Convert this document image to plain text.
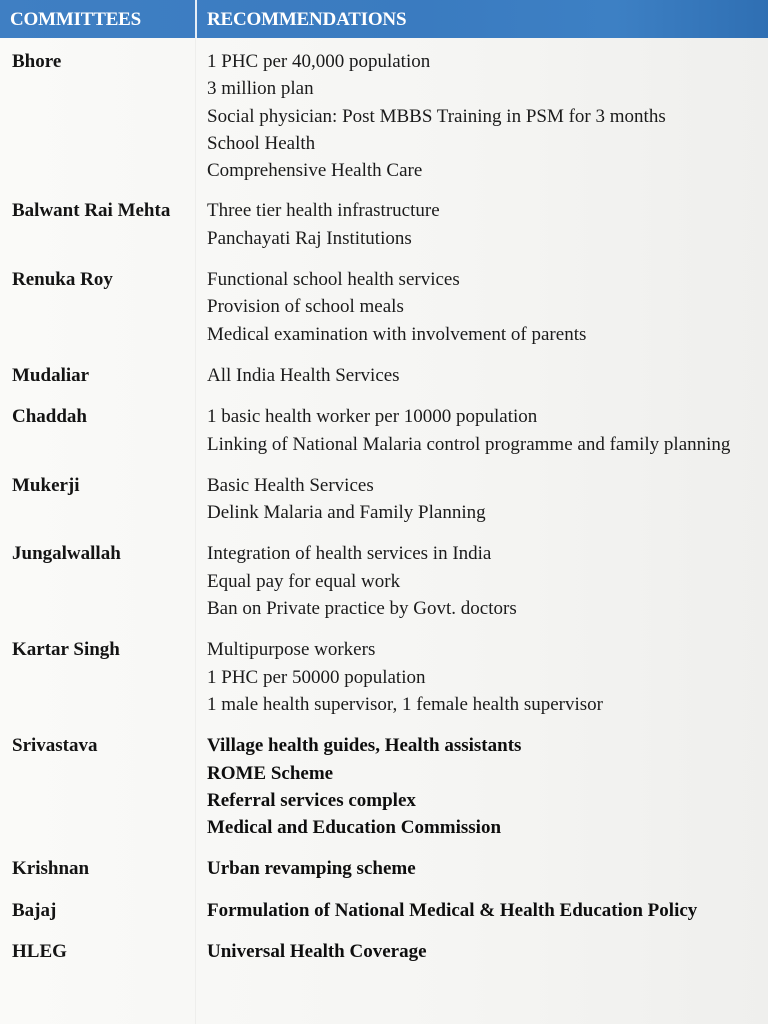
COMMITTEES	RECOMMENDATIONS
Bhore	1 PHC per 40,000 population
3 million plan
Social physician: Post MBBS Training in PSM for 3 months
School Health
Comprehensive Health Care
Balwant Rai Mehta	Three tier health infrastructure
Panchayati Raj Institutions
Renuka Roy	Functional school health services
Provision of school meals
Medical examination with involvement of parents
Mudaliar	All India Health Services
Chaddah	1 basic health worker per 10000 population
Linking of National Malaria control programme and family planning
Mukerji	Basic Health Services
Delink Malaria and Family Planning
Jungalwallah	Integration of health services in India
Equal pay for equal work
Ban on Private practice by Govt. doctors
Kartar Singh	Multipurpose workers
1 PHC per 50000 population
1 male health supervisor, 1 female health supervisor
Srivastava	Village health guides, Health assistants
ROME Scheme
Referral services complex
Medical and Education Commission
Krishnan	Urban revamping scheme
Bajaj	Formulation of National Medical & Health Education Policy
HLEG	Universal Health Coverage
